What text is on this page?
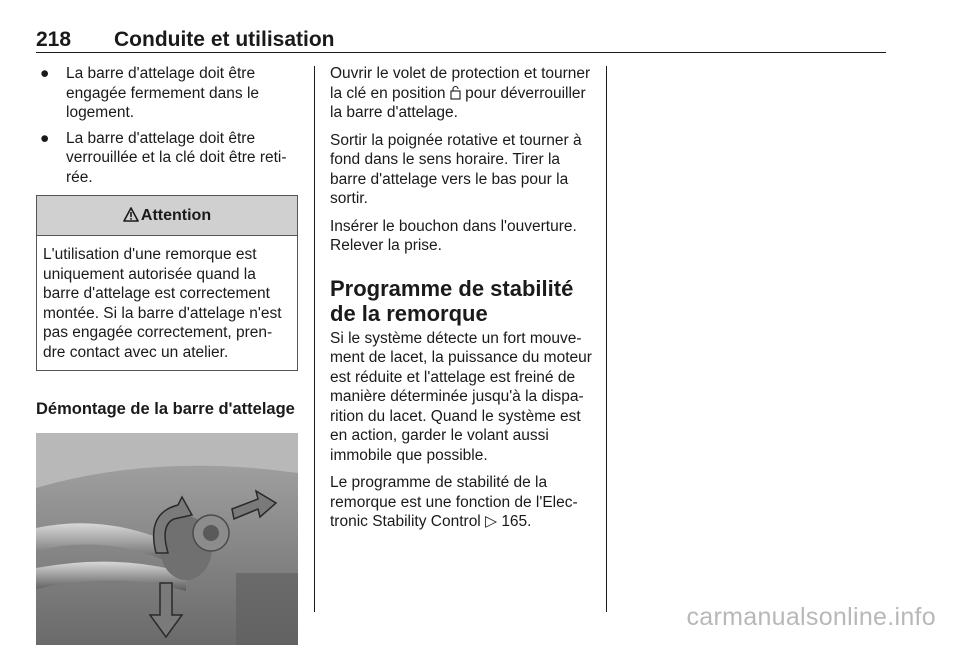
218 Conduite et utilisation
● La barre d'attelage doit être engagée fermement dans le logement.
● La barre d'attelage doit être verrouillée et la clé doit être reti-rée.
Attention
L'utilisation d'une remorque est uniquement autorisée quand la barre d'attelage est correctement montée. Si la barre d'attelage n'est pas engagée correctement, pren-dre contact avec un atelier.
Démontage de la barre d'attelage

Ouvrir le volet de protection et tourner la clé en position  pour déverrouiller la barre d'attelage.

Sortir la poignée rotative et tourner à fond dans le sens horaire. Tirer la barre d'attelage vers le bas pour la sortir.

Insérer le bouchon dans l'ouverture. Relever la prise.

Programme de stabilité de la remorque

Si le système détecte un fort mouve-ment de lacet, la puissance du moteur est réduite et l'attelage est freiné de manière déterminée jusqu'à la dispa-rition du lacet. Quand le système est en action, garder le volant aussi immobile que possible.

Le programme de stabilité de la remorque est une fonction de l'Elec-tronic Stability Control ▷ 165.

carmanualsonline.info
